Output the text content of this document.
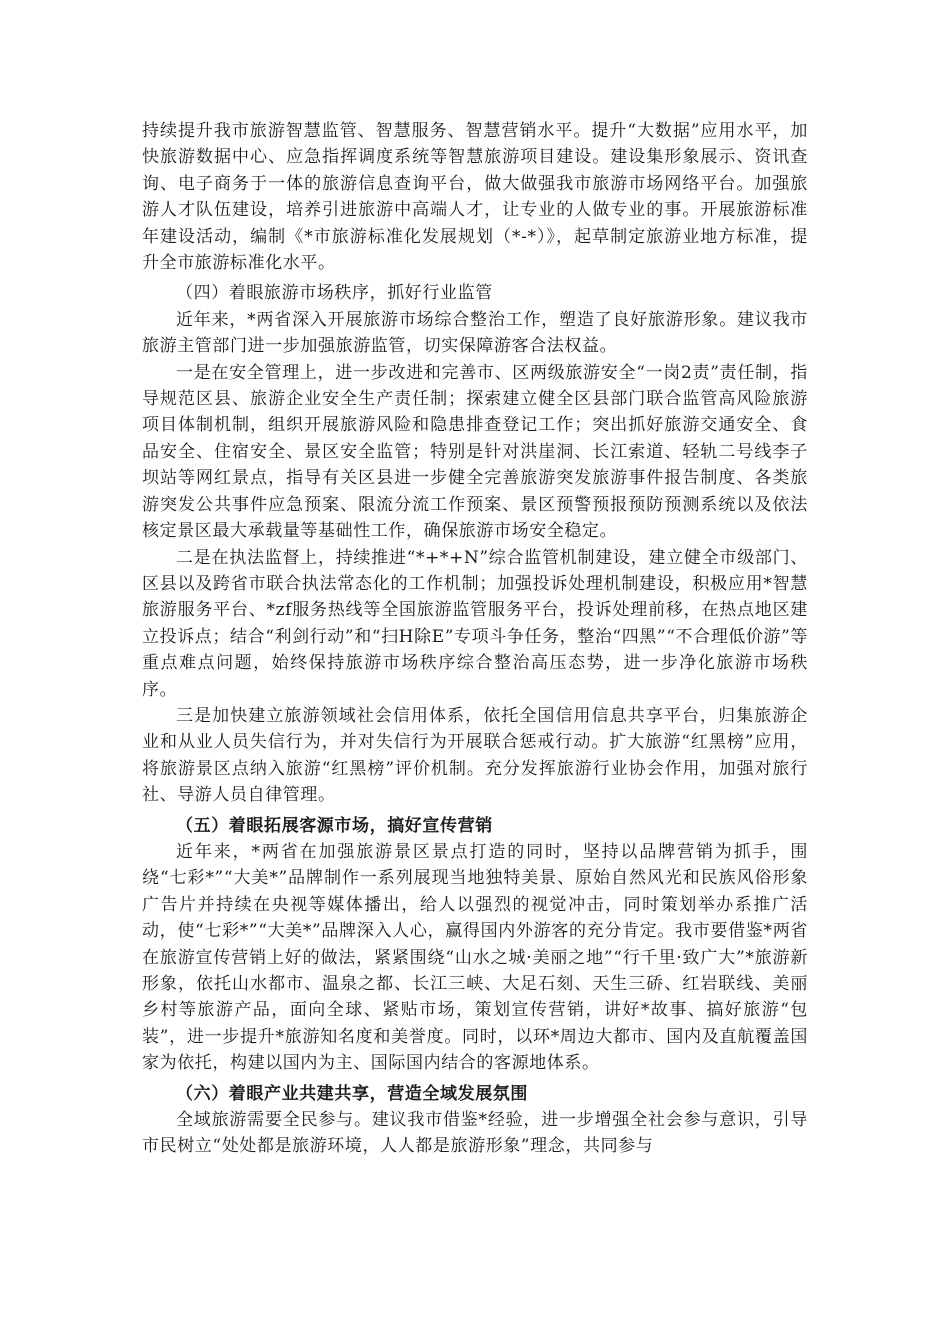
持续提升我市旅游智慧监管、智慧服务、智慧营销水平。提升“大数据”应用水平，加快旅游数据中心、应急指挥调度系统等智慧旅游项目建设。建设集形象展示、资讯查询、电子商务于一体的旅游信息查询平台，做大做强我市旅游市场网络平台。加强旅游人才队伍建设，培养引进旅游中高端人才，让专业的人做专业的事。开展旅游标准年建设活动，编制《*市旅游标准化发展规划（*-*）》，起草制定旅游业地方标准，提升全市旅游标准化水平。

（四）着眼旅游市场秩序，抓好行业监管

近年来，*两省深入开展旅游市场综合整治工作，塑造了良好旅游形象。建议我市旅游主管部门进一步加强旅游监管，切实保障游客合法权益。

一是在安全管理上，进一步改进和完善市、区两级旅游安全“一岗2责”责任制，指导规范区县、旅游企业安全生产责任制；探索建立健全区县部门联合监管高风险旅游项目体制机制，组织开展旅游风险和隐患排查登记工作；突出抓好旅游交通安全、食品安全、住宿安全、景区安全监管；特别是针对洪崖洞、长江索道、轻轨二号线李子坝站等网红景点，指导有关区县进一步健全完善旅游突发旅游事件报告制度、各类旅游突发公共事件应急预案、限流分流工作预案、景区预警预报预防预测系统以及依法核定景区最大承载量等基础性工作，确保旅游市场安全稳定。

二是在执法监督上，持续推进“*+*+N”综合监管机制建设，建立健全市级部门、区县以及跨省市联合执法常态化的工作机制；加强投诉处理机制建设，积极应用*智慧旅游服务平台、*zf服务热线等全国旅游监管服务平台，投诉处理前移，在热点地区建立投诉点；结合“利剑行动”和“扫H除E”专项斗争任务，整治“四黑”“不合理低价游”等重点难点问题，始终保持旅游市场秩序综合整治高压态势，进一步净化旅游市场秩序。

三是加快建立旅游领域社会信用体系，依托全国信用信息共享平台，归集旅游企业和从业人员失信行为，并对失信行为开展联合惩戒行动。扩大旅游“红黑榜”应用，将旅游景区点纳入旅游“红黑榜”评价机制。充分发挥旅游行业协会作用，加强对旅行社、导游人员自律管理。

（五）着眼拓展客源市场，搞好宣传营销

近年来，*两省在加强旅游景区景点打造的同时，坚持以品牌营销为抓手，围绕“七彩*”“大美*”品牌制作一系列展现当地独特美景、原始自然风光和民族风俗形象广告片并持续在央视等媒体播出，给人以强烈的视觉冲击，同时策划举办系推广活动，使“七彩*”“大美*”品牌深入人心，赢得国内外游客的充分肯定。我市要借鉴*两省在旅游宣传营销上好的做法，紧紧围绕“山水之城·美丽之地”“行千里·致广大”*旅游新形象，依托山水都市、温泉之都、长江三峡、大足石刻、天生三硚、红岩联线、美丽乡村等旅游产品，面向全球、紧贴市场，策划宣传营销，讲好*故事、搞好旅游“包装”，进一步提升*旅游知名度和美誉度。同时，以环*周边大都市、国内及直航覆盖国家为依托，构建以国内为主、国际国内结合的客源地体系。

（六）着眼产业共建共享，营造全域发展氛围

全域旅游需要全民参与。建议我市借鉴*经验，进一步增强全社会参与意识，引导市民树立“处处都是旅游环境，人人都是旅游形象”理念，共同参与
